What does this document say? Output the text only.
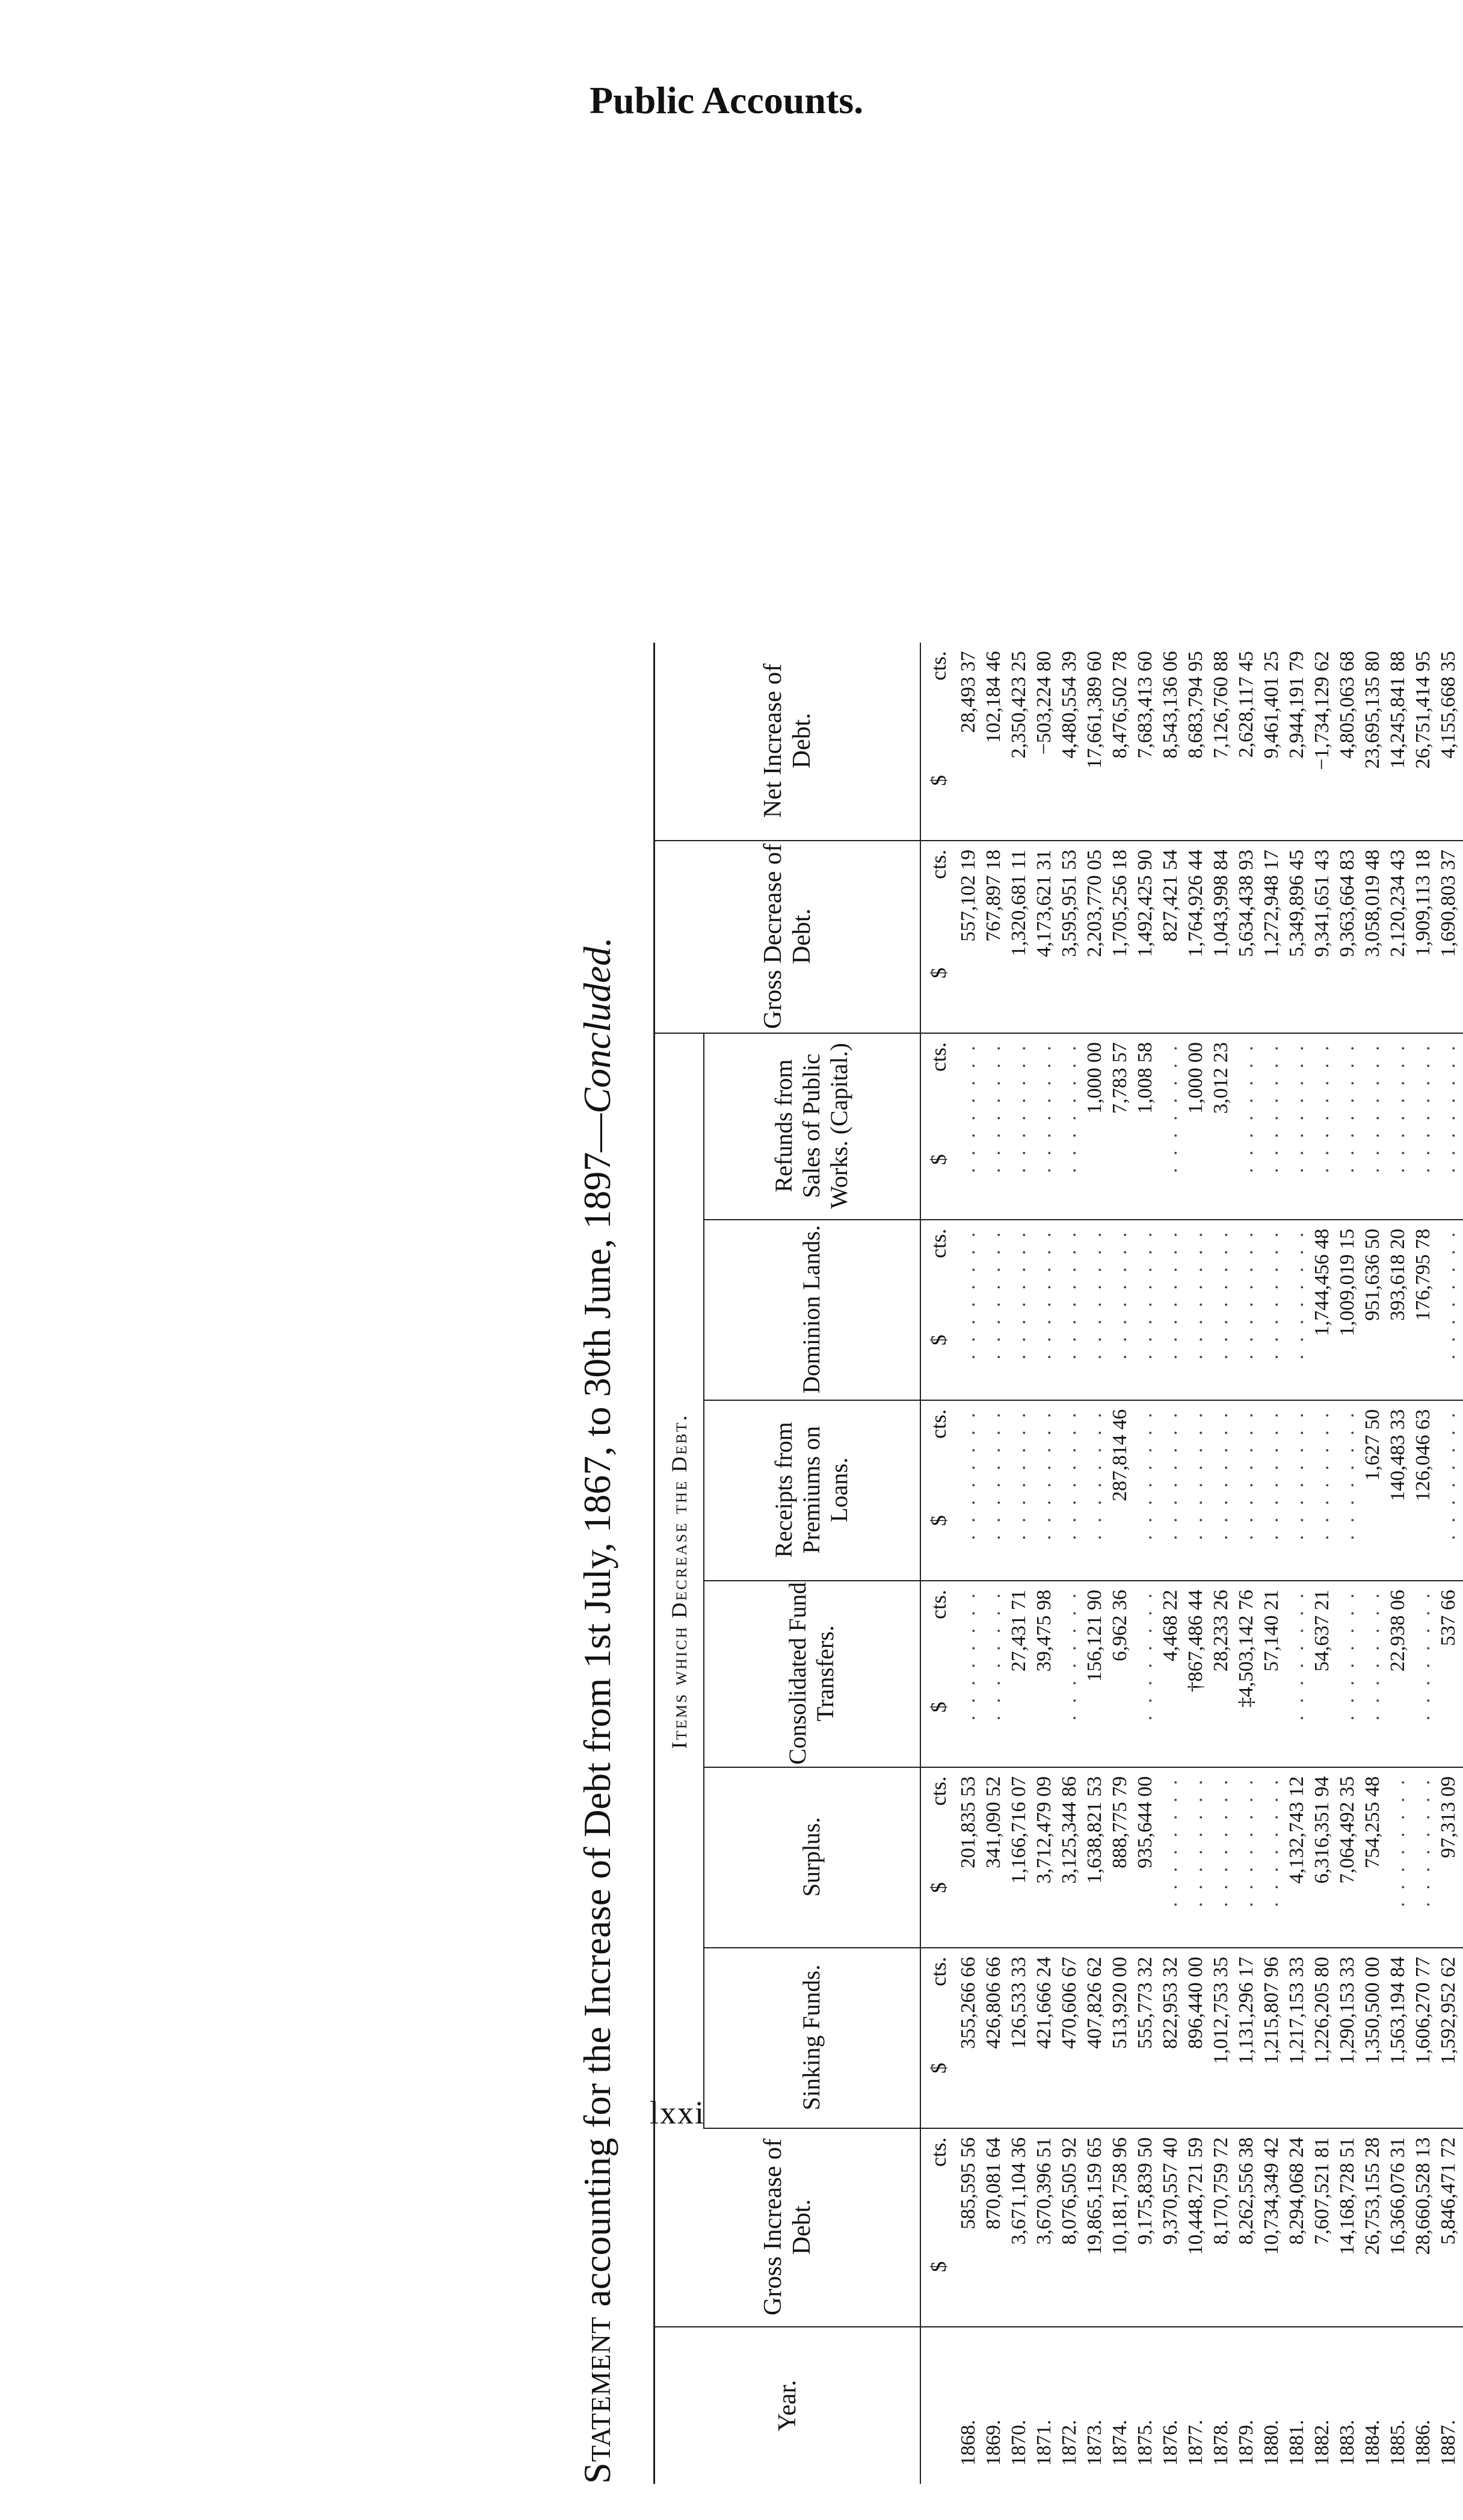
Public Accounts.
Statement accounting for the Increase of Debt from 1st July, 1867, to 30th June, 1897—Concluded.
Year.
Gross Increase of Debt.
Items which Decrease the Debt.
Sinking Funds.
Surplus.
Consolidated Fund Transfers.
Receipts from Premiums on Loans.
Dominion Lands.
Refunds from Sales of Public Works. (Capital.)
Gross Decrease of Debt.
Net Increase of Debt.
$
cts.
$
cts.
$
cts.
$
cts.
$
cts.
$
cts.
$
cts.
$
cts.
$
cts.
1868.
585,595 56
355,266 66
201,835 53
. . . . . . . .
. . . . . . . .
. . . . . . . .
. . . . . . . .
557,102 19
28,493 37
1869.
870,081 64
426,806 66
341,090 52
. . . . . . . .
. . . . . . . .
. . . . . . . .
. . . . . . . .
767,897 18
102,184 46
1870.
3,671,104 36
126,533 33
1,166,716 07
27,431 71
. . . . . . . .
. . . . . . . .
. . . . . . . .
1,320,681 11
2,350,423 25
1871.
3,670,396 51
421,666 24
3,712,479 09
39,475 98
. . . . . . . .
. . . . . . . .
. . . . . . . .
4,173,621 31
−503,224 80
1872.
8,076,505 92
470,606 67
3,125,344 86
. . . . . . . .
. . . . . . . .
. . . . . . . .
. . . . . . . .
3,595,951 53
4,480,554 39
1873.
19,865,159 65
407,826 62
1,638,821 53
156,121 90
. . . . . . . .
. . . . . . . .
1,000 00
2,203,770 05
17,661,389 60
1874.
10,181,758 96
513,920 00
888,775 79
6,962 36
287,814 46
. . . . . . . .
7,783 57
1,705,256 18
8,476,502 78
1875.
9,175,839 50
555,773 32
935,644 00
. . . . . . . .
. . . . . . . .
. . . . . . . .
1,008 58
1,492,425 90
7,683,413 60
1876.
9,370,557 40
822,953 32
. . . . . . . .
4,468 22
. . . . . . . .
. . . . . . . .
. . . . . . . .
827,421 54
8,543,136 06
1877.
10,448,721 59
896,440 00
. . . . . . . .
†867,486 44
. . . . . . . .
. . . . . . . .
1,000 00
1,764,926 44
8,683,794 95
1878.
8,170,759 72
1,012,753 35
. . . . . . . .
28,233 26
. . . . . . . .
. . . . . . . .
3,012 23
1,043,998 84
7,126,760 88
1879.
8,262,556 38
1,131,296 17
. . . . . . . .
‡4,503,142 76
. . . . . . . .
. . . . . . . .
. . . . . . . .
5,634,438 93
2,628,117 45
1880.
10,734,349 42
1,215,807 96
. . . . . . . .
57,140 21
. . . . . . . .
. . . . . . . .
. . . . . . . .
1,272,948 17
9,461,401 25
1881.
8,294,068 24
1,217,153 33
4,132,743 12
. . . . . . . .
. . . . . . . .
. . . . . . . .
. . . . . . . .
5,349,896 45
2,944,191 79
1882.
7,607,521 81
1,226,205 80
6,316,351 94
54,637 21
. . . . . . . .
1,744,456 48
. . . . . . . .
9,341,651 43
−1,734,129 62
1883.
14,168,728 51
1,290,153 33
7,064,492 35
. . . . . . . .
. . . . . . . .
1,009,019 15
. . . . . . . .
9,363,664 83
4,805,063 68
1884.
26,753,155 28
1,350,500 00
754,255 48
. . . . . . . .
1,627 50
951,636 50
. . . . . . . .
3,058,019 48
23,695,135 80
1885.
16,366,076 31
1,563,194 84
. . . . . . . .
22,938 06
140,483 33
393,618 20
. . . . . . . .
2,120,234 43
14,245,841 88
1886.
28,660,528 13
1,606,270 77
. . . . . . . .
. . . . . . . .
126,046 63
176,795 78
. . . . . . . .
1,909,113 18
26,751,414 95
1887.
5,846,471 72
1,592,952 62
97,313 09
537 66
. . . . . . . .
. . . . . . . .
. . . . . . . .
1,690,803 37
4,155,668 35
lxxi
